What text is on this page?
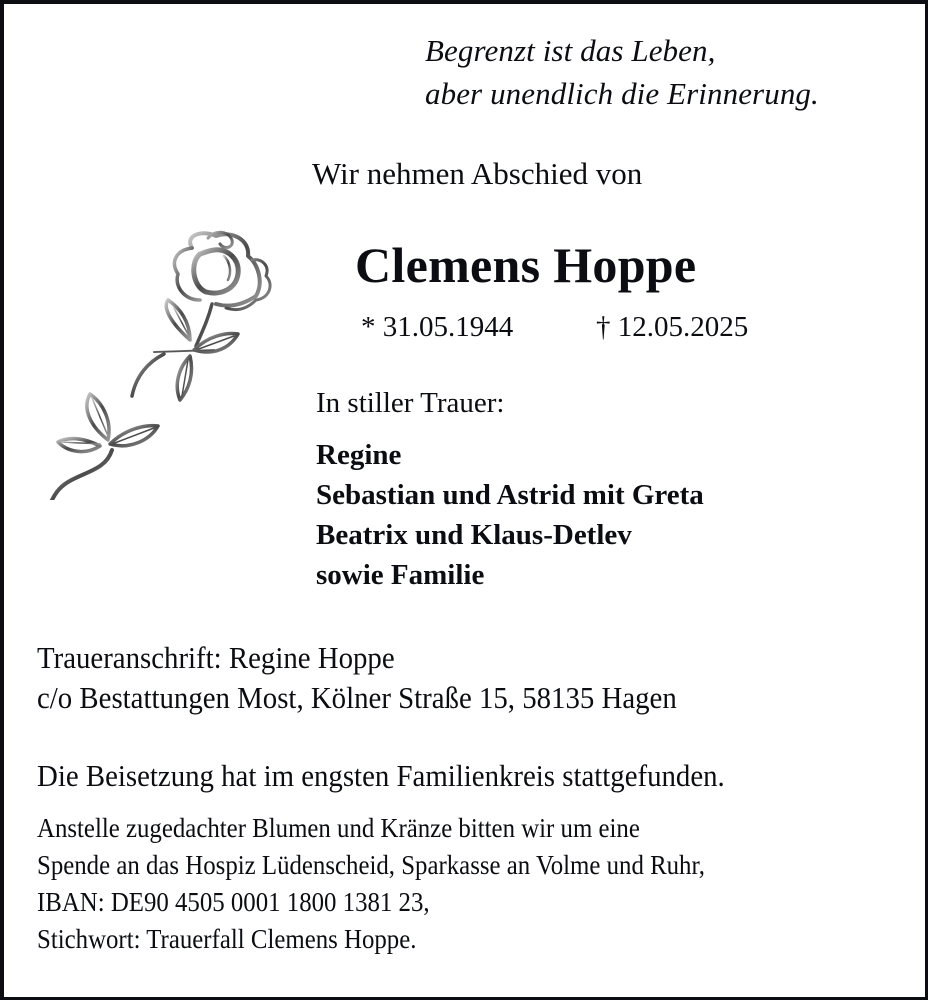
Begrenzt ist das Leben,
aber unendlich die Erinnerung.
Wir nehmen Abschied von
Clemens Hoppe
* 31.05.1944	† 12.05.2025
In stiller Trauer:
Regine
Sebastian und Astrid mit Greta
Beatrix und Klaus-Detlev
sowie Familie
Traueranschrift: Regine Hoppe
c/o Bestattungen Most, Kölner Straße 15, 58135 Hagen
Die Beisetzung hat im engsten Familienkreis stattgefunden.
Anstelle zugedachter Blumen und Kränze bitten wir um eine
Spende an das Hospiz Lüdenscheid, Sparkasse an Volme und Ruhr,
IBAN: DE90 4505 0001 1800 1381 23,
Stichwort: Trauerfall Clemens Hoppe.
